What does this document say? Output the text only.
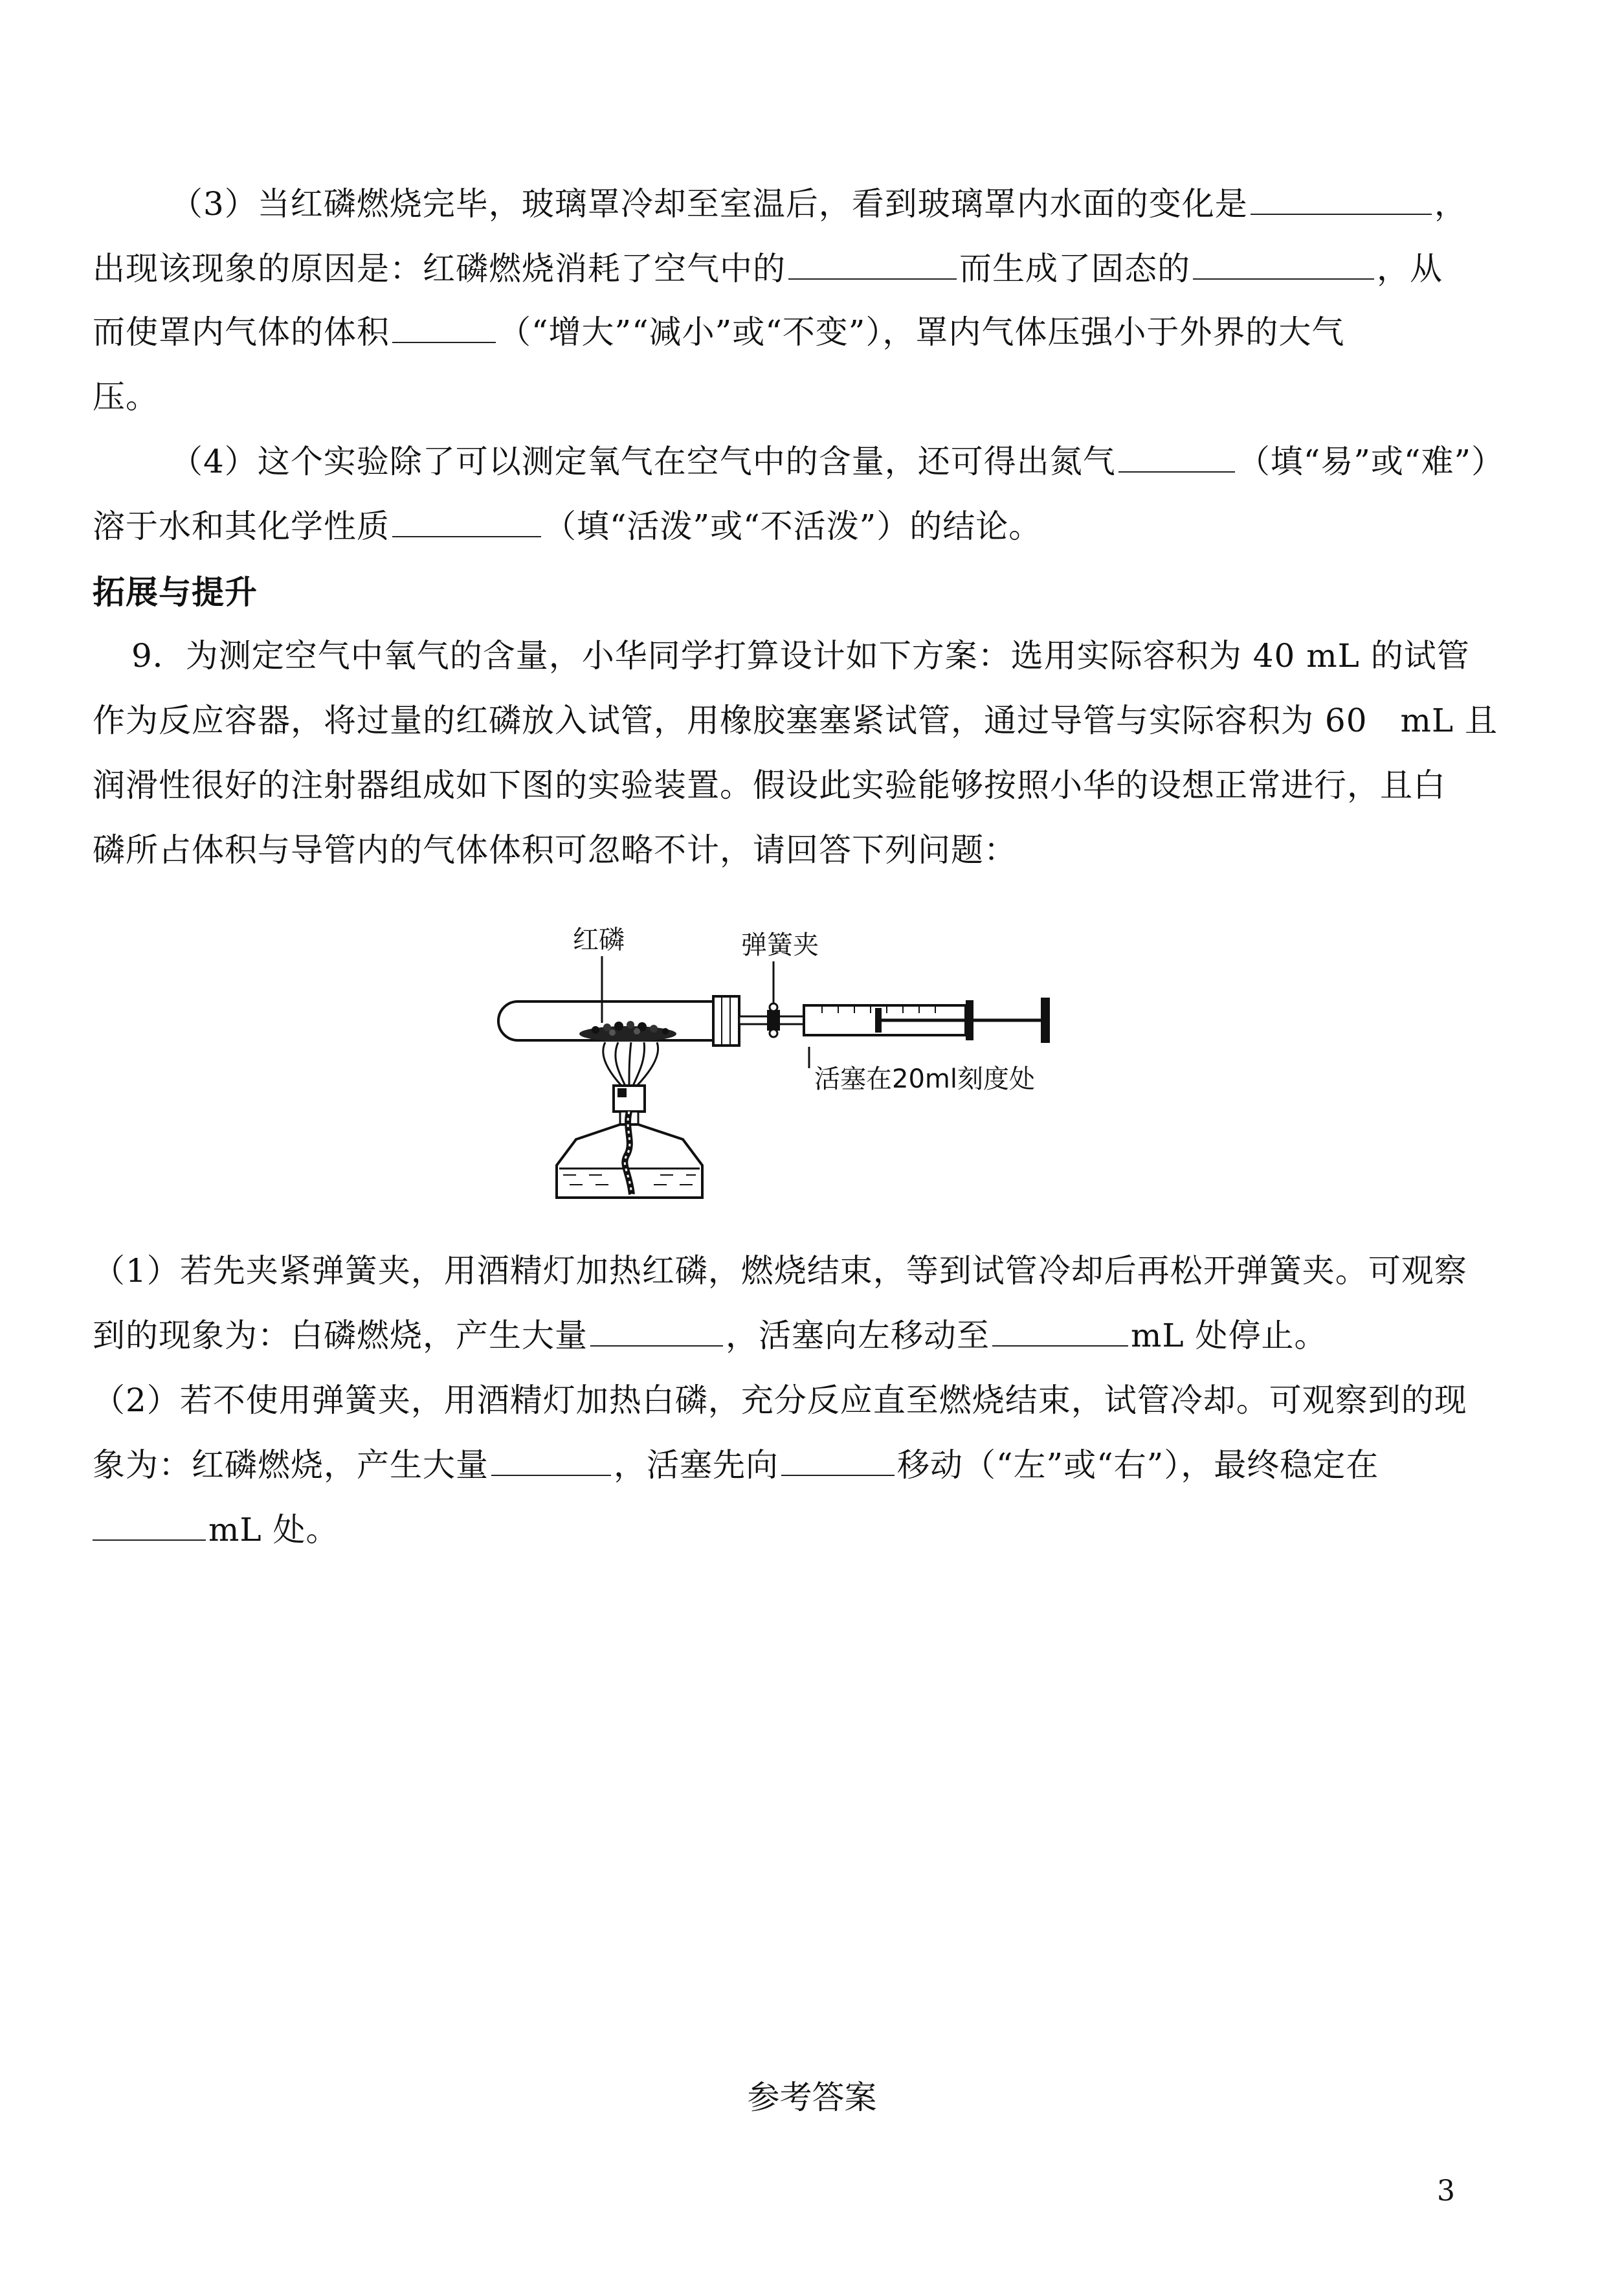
（3）当红磷燃烧完毕，玻璃罩冷却至室温后，看到玻璃罩内水面的变化是	，
出现该现象的原因是：红磷燃烧消耗了空气中的	而生成了固态的	，从
而使罩内气体的体积	（“增大”“减小”或“不变”），罩内气体压强小于外界的大气
压。
（4）这个实验除了可以测定氧气在空气中的含量，还可得出氮气	（填“易”或“难”）
溶于水和其化学性质	（填“活泼”或“不活泼”）的结论。
拓展与提升
9．为测定空气中氧气的含量，小华同学打算设计如下方案：选用实际容积为 40 mL 的试管
作为反应容器，将过量的红磷放入试管，用橡胶塞塞紧试管，通过导管与实际容积为 60　mL 且
润滑性很好的注射器组成如下图的实验装置。假设此实验能够按照小华的设想正常进行，且白
磷所占体积与导管内的气体体积可忽略不计，请回答下列问题：
红磷	弹簧夹
活塞在20ml刻度处
（1）若先夹紧弹簧夹，用酒精灯加热红磷，燃烧结束，等到试管冷却后再松开弹簧夹。可观察
到的现象为：白磷燃烧，产生大量	，活塞向左移动至	mL 处停止。
（2）若不使用弹簧夹，用酒精灯加热白磷，充分反应直至燃烧结束，试管冷却。可观察到的现
象为：红磷燃烧，产生大量	，活塞先向	移动（“左”或“右”），最终稳定在
mL 处。
参考答案
3
